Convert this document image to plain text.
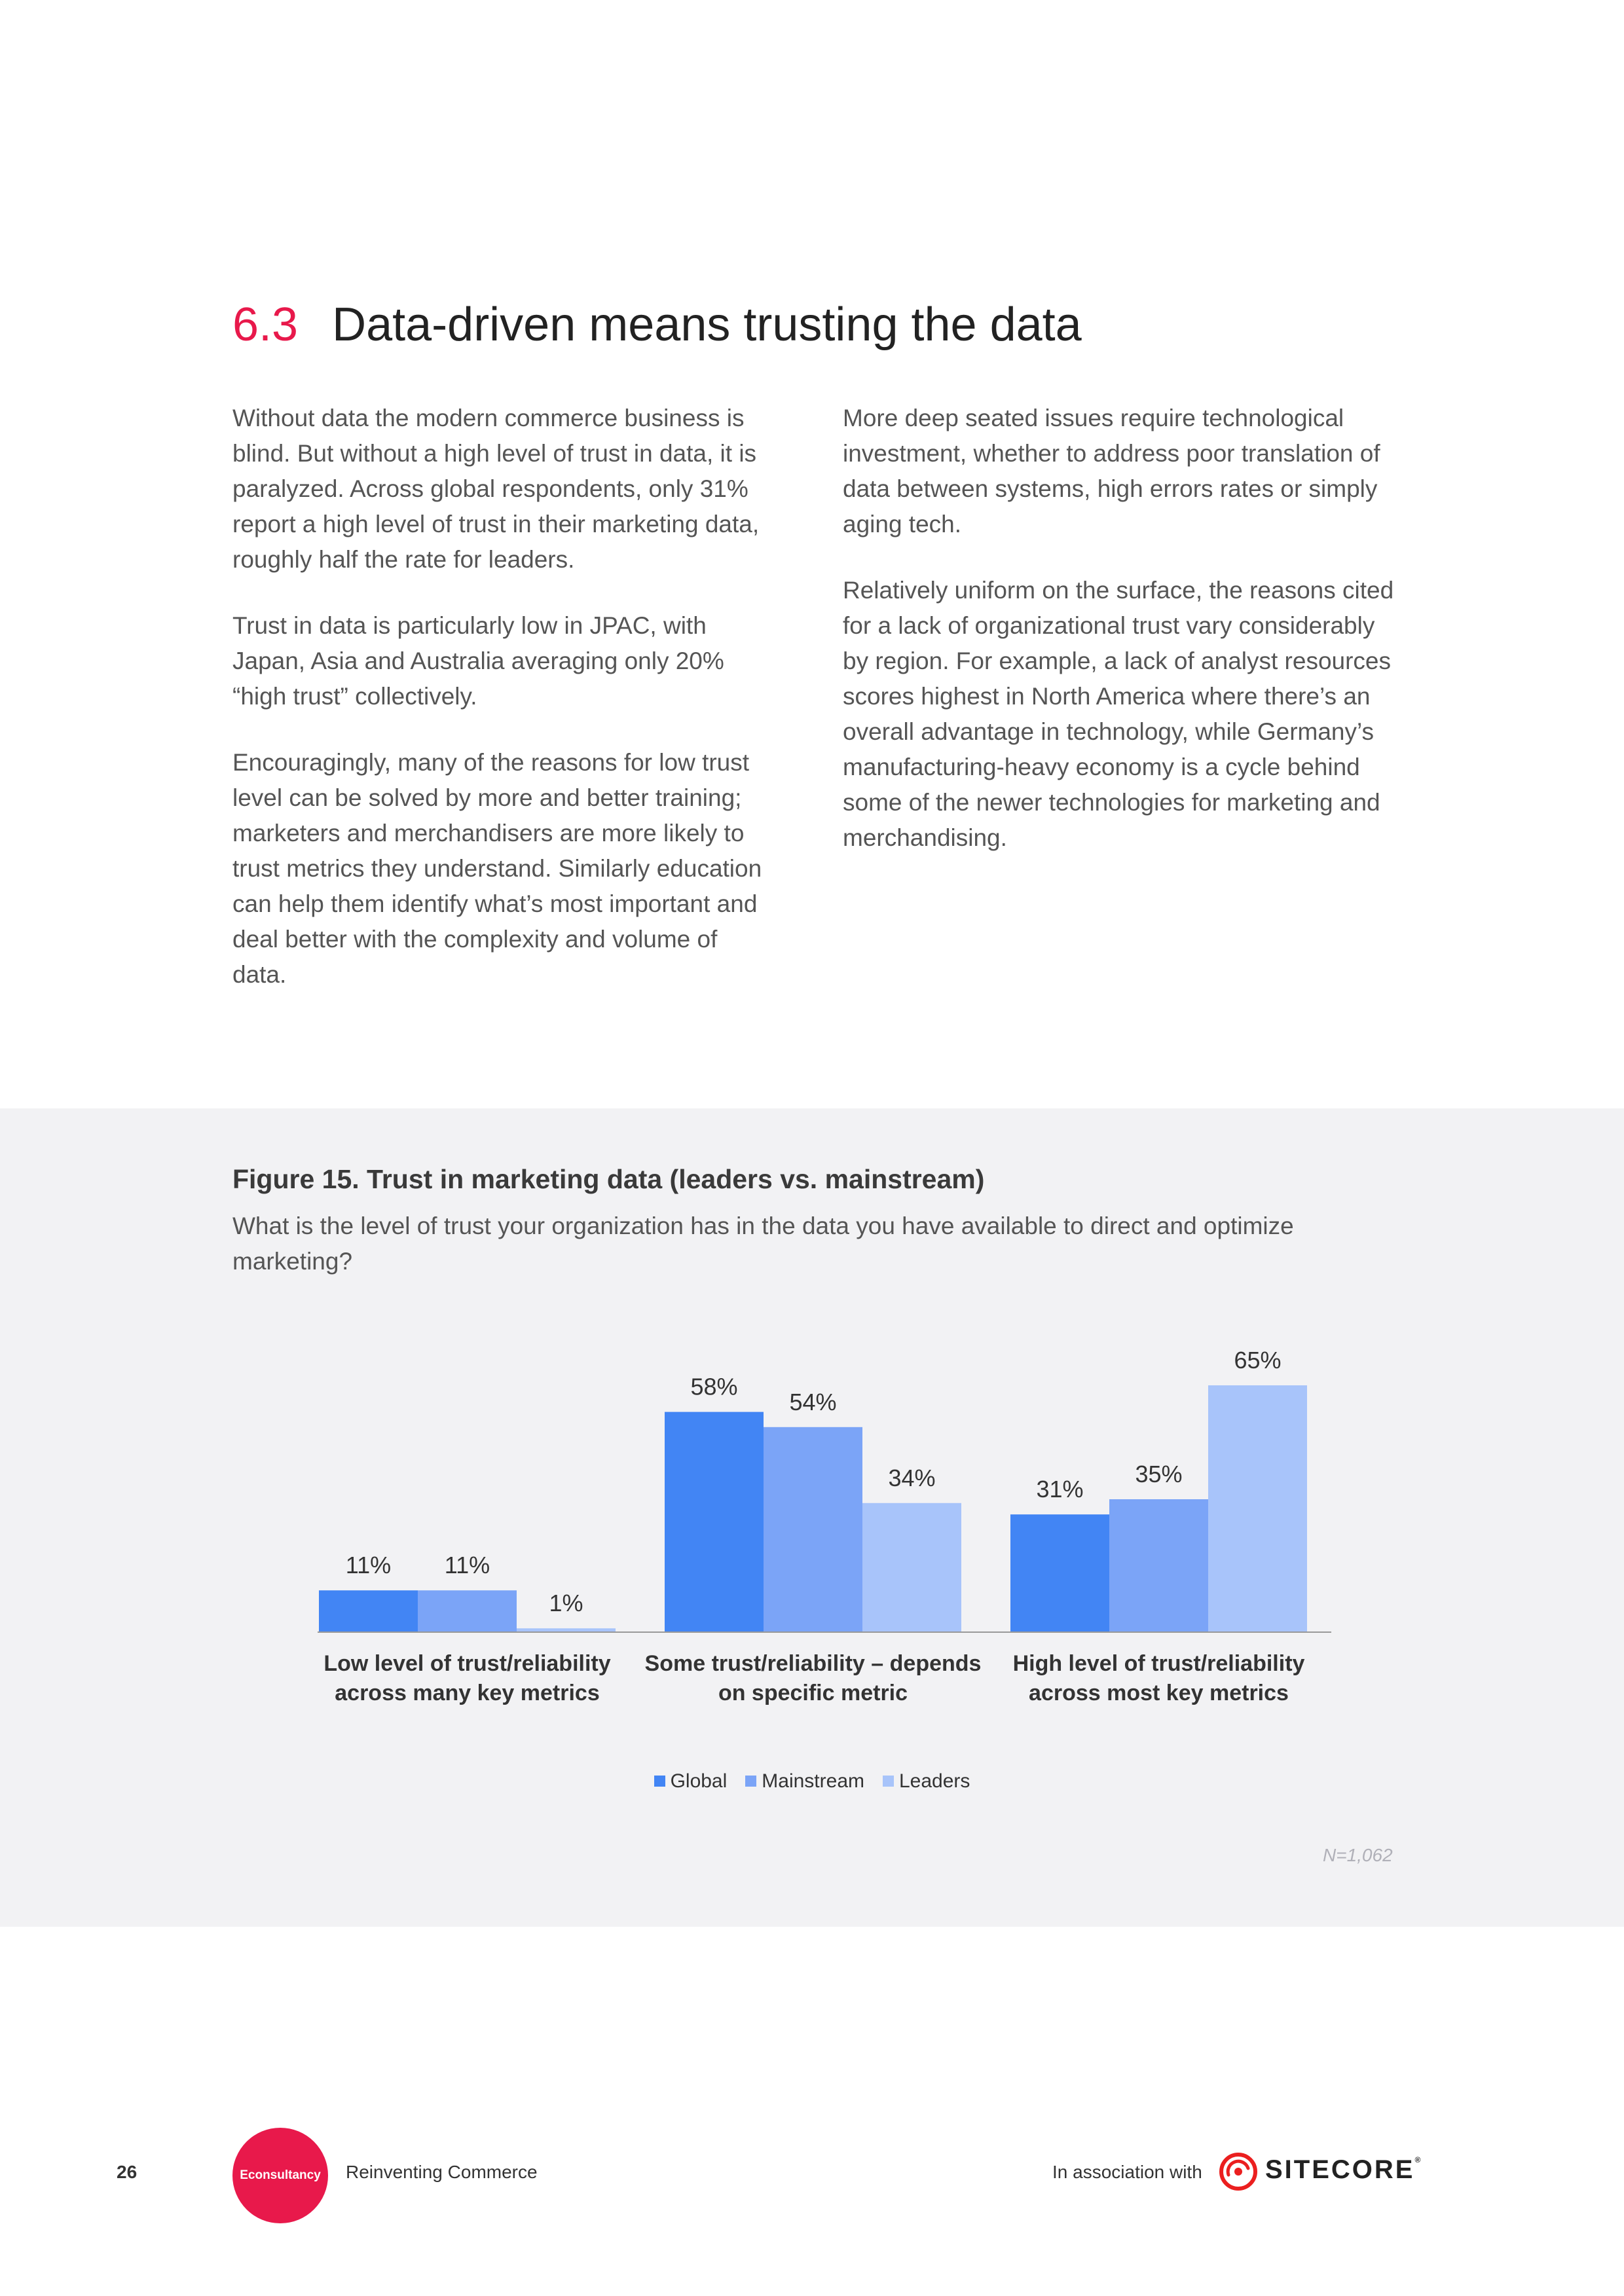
6.3 Data-driven means trusting the data

Without data the modern commerce business is blind. But without a high level of trust in data, it is paralyzed. Across global respondents, only 31% report a high level of trust in their marketing data, roughly half the rate for leaders.

Trust in data is particularly low in JPAC, with Japan, Asia and Australia averaging only 20% “high trust” collectively.

Encouragingly, many of the reasons for low trust level can be solved by more and better training; marketers and merchandisers are more likely to trust metrics they understand. Similarly education can help them identify what’s most important and deal better with the complexity and volume of data.

More deep seated issues require technological investment, whether to address poor translation of data between systems, high errors rates or simply aging tech.

Relatively uniform on the surface, the reasons cited for a lack of organizational trust vary considerably by region. For example, a lack of analyst resources scores highest in North America where there’s an overall advantage in technology, while Germany’s manufacturing-heavy economy is a cycle behind some of the newer technologies for marketing and merchandising.

Figure 15. Trust in marketing data (leaders vs. mainstream)
What is the level of trust your organization has in the data you have available to direct and optimize marketing?
11%
58%
31%
11%
54%
35%
1%
34%
65%
Low level of trust/reliability
across many key metrics
Some trust/reliability – depends
on specific metric
High level of trust/reliability
across most key metrics
Global Mainstream Leaders
N=1,062
26	Econsultancy Reinventing Commerce	In association with SITECORE®
